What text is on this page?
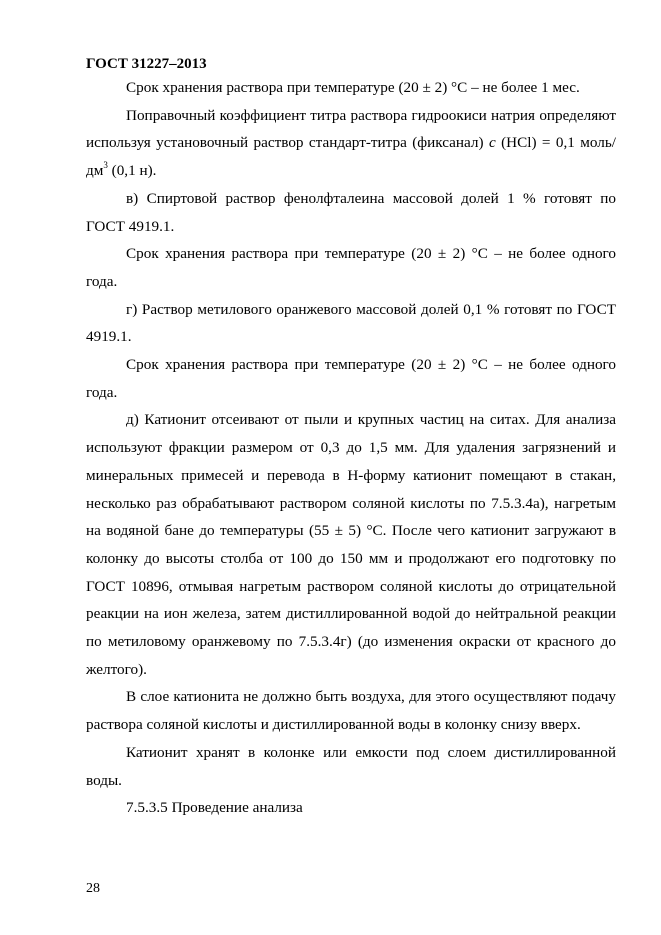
ГОСТ 31227–2013

Срок хранения раствора при температуре (20 ± 2) °C – не более 1 мес.

Поправочный коэффициент титра раствора гидроокиси натрия определяют используя установочный раствор стандарт-титра (фиксанал) c (HCl) = 0,1 моль/$дм^3$ (0,1 н).

в) Спиртовой раствор фенолфталеина массовой долей 1 % готовят по ГОСТ 4919.1.

Срок хранения раствора при температуре (20 ± 2) °С – не более одного года.

г) Раствор метилового оранжевого массовой долей 0,1 % готовят по ГОСТ 4919.1.

Срок хранения раствора при температуре (20 ± 2) °С – не более одного года.

д) Катионит отсеивают от пыли и крупных частиц на ситах. Для анализа используют фракции размером от 0,3 до 1,5 мм. Для удаления загрязнений и минеральных примесей и перевода в Н-форму катионит помещают в стакан, несколько раз обрабатывают раствором соляной кислоты по 7.5.3.4а), нагретым на водяной бане до температуры (55 ± 5) °С. После чего катионит загружают в колонку до высоты столба от 100 до 150 мм и продолжают его подготовку по ГОСТ 10896, отмывая нагретым раствором соляной кислоты до отрицательной реакции на ион железа, затем дистиллированной водой до нейтральной реакции по метиловому оранжевому по 7.5.3.4г) (до изменения окраски от красного до желтого).

В слое катионита не должно быть воздуха, для этого осуществляют подачу раствора соляной кислоты и дистиллированной воды в колонку снизу вверх.

Катионит хранят в колонке или емкости под слоем дистиллированной воды.

7.5.3.5 Проведение анализа

28
